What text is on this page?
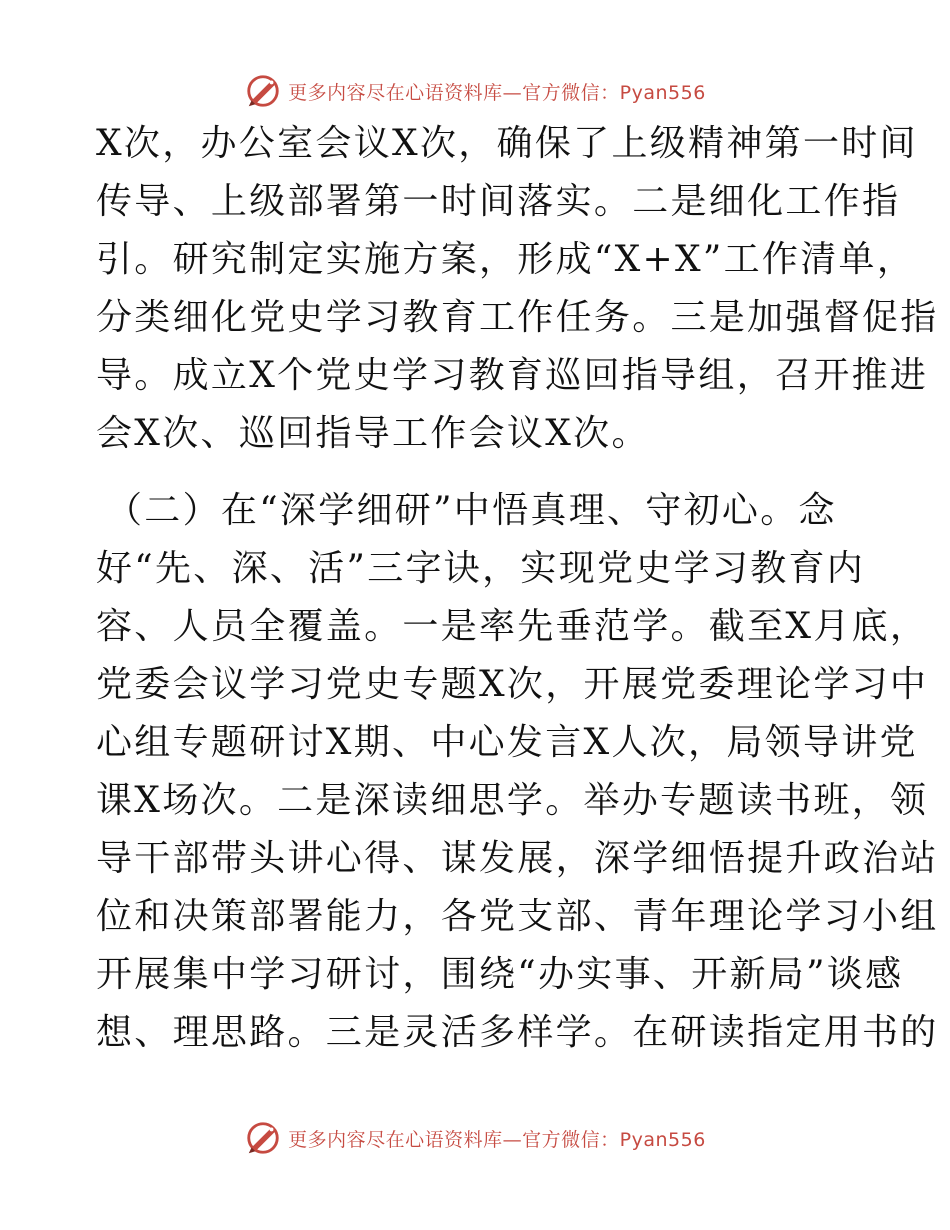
更多内容尽在心语资料库—官方微信：Pyan556
X次，办公室会议X次，确保了上级精神第一时间
传导、上级部署第一时间落实。二是细化工作指
引。研究制定实施方案，形成“X+X”工作清单，
分类细化党史学习教育工作任务。三是加强督促指
导。成立X个党史学习教育巡回指导组，召开推进
会X次、巡回指导工作会议X次。
（二）在“深学细研”中悟真理、守初心。念
好“先、深、活”三字诀，实现党史学习教育内
容、人员全覆盖。一是率先垂范学。截至X月底，
党委会议学习党史专题X次，开展党委理论学习中
心组专题研讨X期、中心发言X人次，局领导讲党
课X场次。二是深读细思学。举办专题读书班，领
导干部带头讲心得、谋发展，深学细悟提升政治站
位和决策部署能力，各党支部、青年理论学习小组
开展集中学习研讨，围绕“办实事、开新局”谈感
想、理思路。三是灵活多样学。在研读指定用书的
更多内容尽在心语资料库—官方微信：Pyan556
